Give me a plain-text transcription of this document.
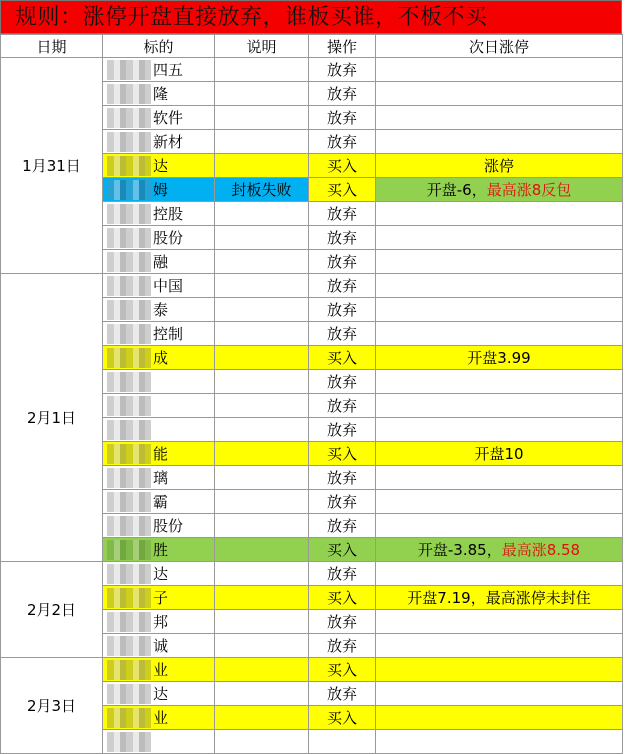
规则：涨停开盘直接放弃，谁板买谁，不板不买
日期	标的	说明	操作	次日涨停
1月31日	四五		放弃	
	隆		放弃	
	软件		放弃	
	新材		放弃	
	达		买入	涨停
	姆	封板失败	买入	开盘-6，最高涨8反包
	控股		放弃	
	股份		放弃	
	融		放弃	
2月1日	中国		放弃	
	泰		放弃	
	控制		放弃	
	成		买入	开盘3.99
			放弃	
			放弃	
			放弃	
	能		买入	开盘10
	璃		放弃	
	霸		放弃	
	股份		放弃	
	胜		买入	开盘-3.85，最高涨8.58
2月2日	达		放弃	
	子		买入	开盘7.19，最高涨停未封住
	邦		放弃	
	诚		放弃	
2月3日	业		买入	
	达		放弃	
	业		买入	
